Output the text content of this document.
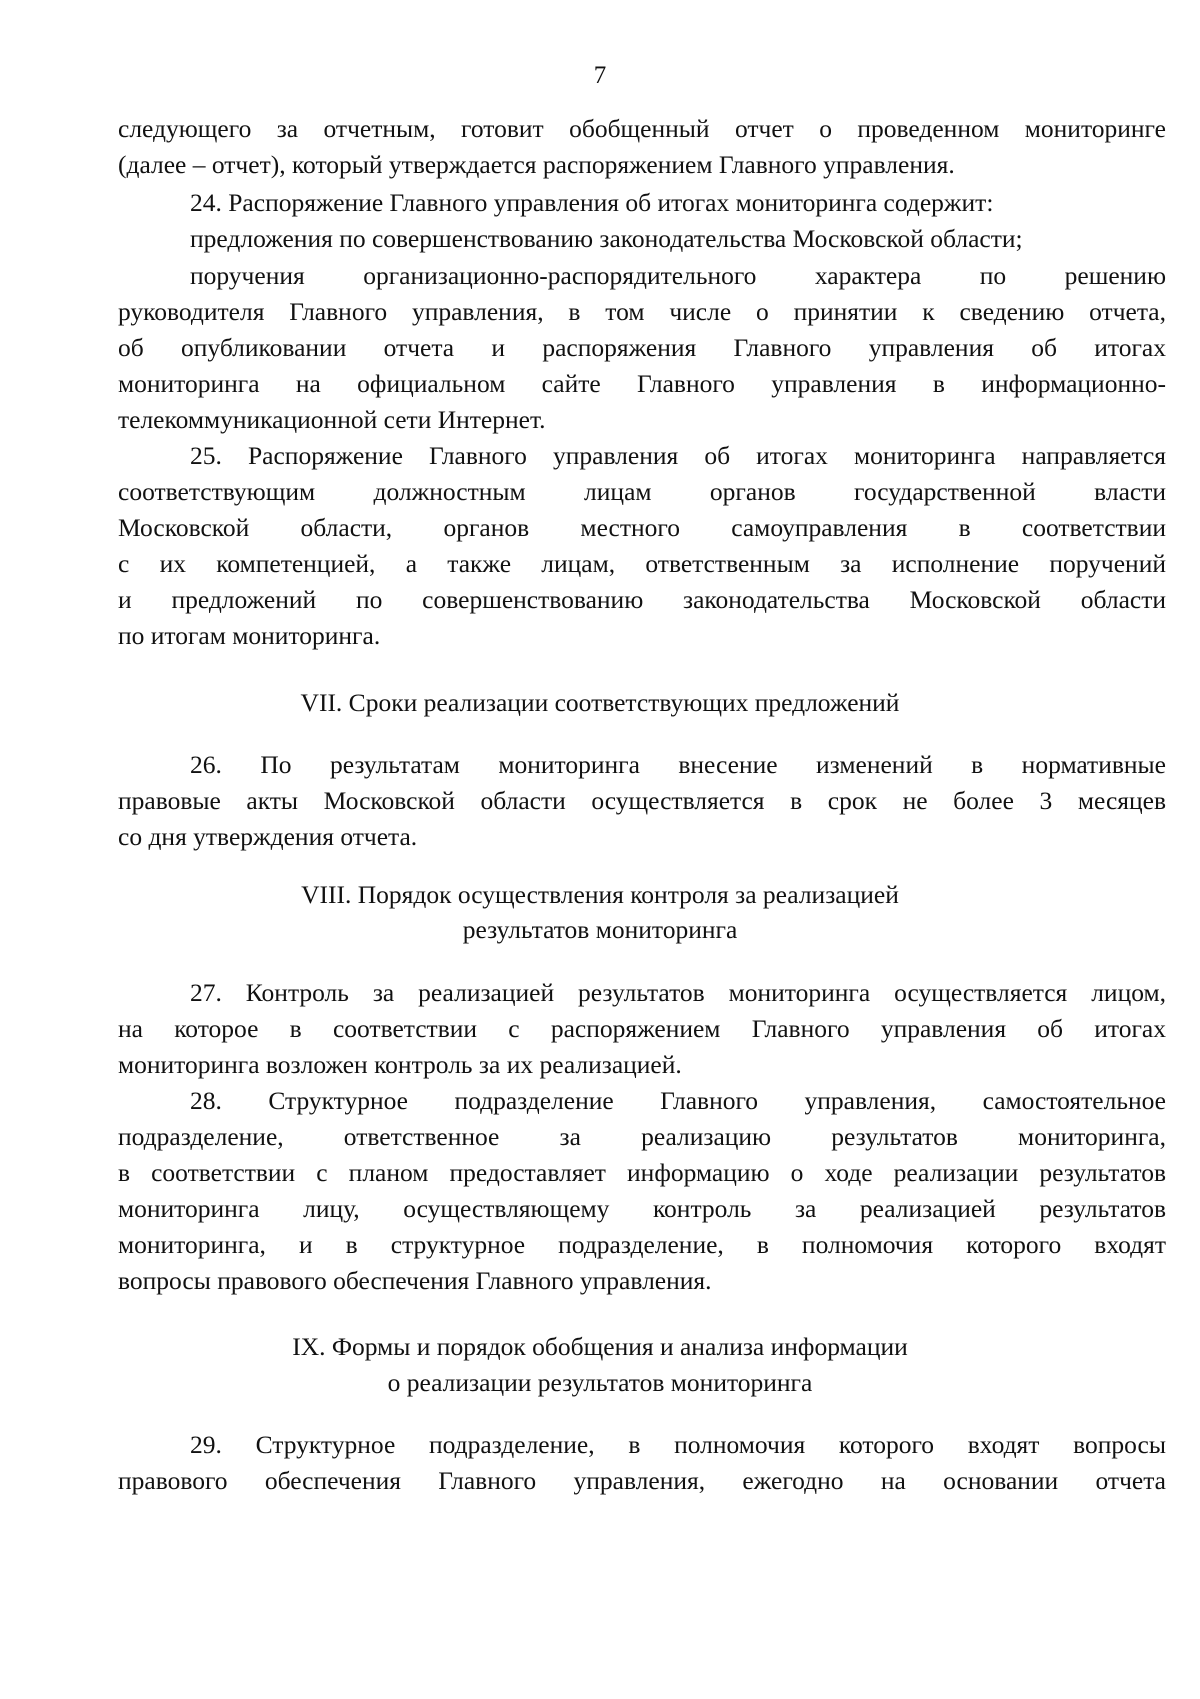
7
следующего за отчетным, готовит обобщенный отчет о проведенном мониторинге
(далее – отчет), который утверждается распоряжением Главного управления.
24. Распоряжение Главного управления об итогах мониторинга содержит:
предложения по совершенствованию законодательства Московской области;
поручения организационно-распорядительного характера по решению
руководителя Главного управления, в том числе о принятии к сведению отчета,
об опубликовании отчета и распоряжения Главного управления об итогах
мониторинга на официальном сайте Главного управления в информационно-
телекоммуникационной сети Интернет.
25. Распоряжение Главного управления об итогах мониторинга направляется
соответствующим должностным лицам органов государственной власти
Московской области, органов местного самоуправления в соответствии
с их компетенцией, а также лицам, ответственным за исполнение поручений
и предложений по совершенствованию законодательства Московской области
по итогам мониторинга.
VII. Сроки реализации соответствующих предложений
26. По результатам мониторинга внесение изменений в нормативные
правовые акты Московской области осуществляется в срок не более 3 месяцев
со дня утверждения отчета.
VIII. Порядок осуществления контроля за реализацией
результатов мониторинга
27. Контроль за реализацией результатов мониторинга осуществляется лицом,
на которое в соответствии с распоряжением Главного управления об итогах
мониторинга возложен контроль за их реализацией.
28. Структурное подразделение Главного управления, самостоятельное
подразделение, ответственное за реализацию результатов мониторинга,
в соответствии с планом предоставляет информацию о ходе реализации результатов
мониторинга лицу, осуществляющему контроль за реализацией результатов
мониторинга, и в структурное подразделение, в полномочия которого входят
вопросы правового обеспечения Главного управления.
IX. Формы и порядок обобщения и анализа информации
о реализации результатов мониторинга
29. Структурное подразделение, в полномочия которого входят вопросы
правового обеспечения Главного управления, ежегодно на основании отчета
